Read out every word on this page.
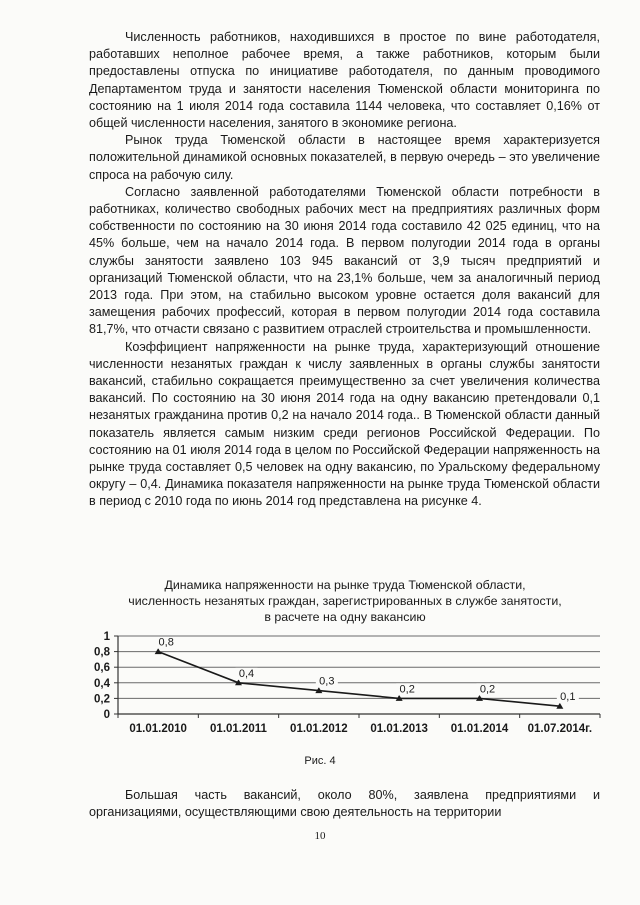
Численность работников, находившихся в простое по вине работодателя, работавших неполное рабочее время, а также работников, которым были предоставлены отпуска по инициативе работодателя, по данным проводимого Департаментом труда и занятости населения Тюменской области мониторинга по состоянию на 1 июля 2014 года составила 1144 человека, что составляет 0,16% от общей численности населения, занятого в экономике региона.

Рынок труда Тюменской области в настоящее время характеризуется положительной динамикой основных показателей, в первую очередь – это увеличение спроса на рабочую силу.

Согласно заявленной работодателями Тюменской области потребности в работниках, количество свободных рабочих мест на предприятиях различных форм собственности по состоянию на 30 июня 2014 года составило 42 025 единиц, что на 45% больше, чем на начало 2014 года. В первом полугодии 2014 года в органы службы занятости заявлено 103 945 вакансий от 3,9 тысяч предприятий и организаций Тюменской области, что на 23,1% больше, чем за аналогичный период 2013 года. При этом, на стабильно высоком уровне остается доля вакансий для замещения рабочих профессий, которая в первом полугодии 2014 года составила 81,7%, что отчасти связано с развитием отраслей строительства и промышленности.

Коэффициент напряженности на рынке труда, характеризующий отношение численности незанятых граждан к числу заявленных в органы службы занятости вакансий, стабильно сокращается преимущественно за счет увеличения количества вакансий. По состоянию на 30 июня 2014 года на одну вакансию претендовали 0,1 незанятых гражданина против 0,2 на начало 2014 года.. В Тюменской области данный показатель является самым низким среди регионов Российской Федерации. По состоянию на 01 июля 2014 года в целом по Российской Федерации напряженность на рынке труда составляет 0,5 человек на одну вакансию, по Уральскому федеральному округу – 0,4. Динамика показателя напряженности на рынке труда Тюменской области в период с 2010 года по июнь 2014 год представлена на рисунке 4.

Динамика напряженности на рынке труда Тюменской области,
численность незанятых граждан, зарегистрированных в службе занятости,
в расчете на одну вакансию
0
0,2
0,4
0,6
0,8
1
01.01.2010 01.01.2011 01.01.2012 01.01.2013 01.01.2014 01.07.2014г.
0,8
0,4
0,3
0,2	0,2
0,1
Рис. 4

Большая часть вакансий, около 80%, заявлена предприятиями и организациями, осуществляющими свою деятельность на территории

10
